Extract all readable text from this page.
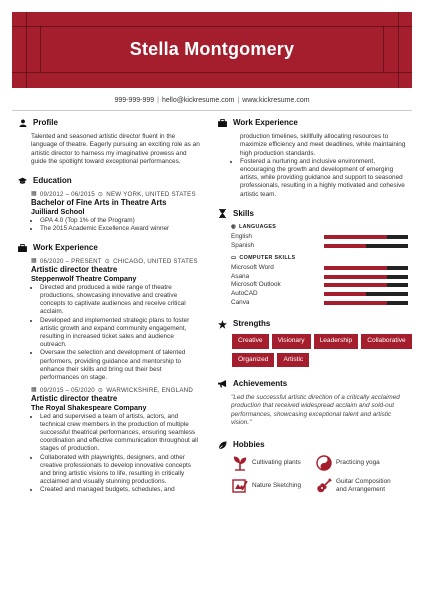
Stella Montgomery
999-999-999 | hello@kickresume.com | www.kickresume.com
Profile

Talented and seasoned artistic director fluent in the language of theatre. Eagerly pursuing an exciting role as an artistic director to harness my imaginative prowess and guide the spotlight toward exceptional performances.

Education
▦ 09/2012 – 06/2015 ⊙ NEW YORK, UNITED STATES
Bachelor of Fine Arts in Theatre Arts
Juilliard School
• GPA 4.0 (Top 1% of the Program)
• The 2015 Academic Excellence Award winner
Work Experience
▦ 06/2020 – PRESENT ⊙ CHICAGO, UNITED STATES
Artistic director theatre
Steppenwolf Theatre Company
• Directed and produced a wide range of theatre productions, showcasing innovative and creative concepts to captivate audiences and receive critical acclaim.
• Developed and implemented strategic plans to foster artistic growth and expand community engagement, resulting in increased ticket sales and audience outreach.
• Oversaw the selection and development of talented performers, providing guidance and mentorship to enhance their skills and bring out their best performances on stage.
▦ 09/2015 – 05/2020 ⊙ WARWICKSHIRE, ENGLAND
Artistic director theatre
The Royal Shakespeare Company
• Led and supervised a team of artists, actors, and technical crew members in the production of multiple successful theatrical performances, ensuring seamless coordination and effective communication throughout all stages of production.
• Collaborated with playwrights, designers, and other creative professionals to develop innovative concepts and bring artistic visions to life, resulting in critically acclaimed and visually stunning productions.
• Created and managed budgets, schedules, and
Work Experience

production timelines, skillfully allocating resources to maximize efficiency and meet deadlines, while maintaining high production standards.

• Fostered a nurturing and inclusive environment, encouraging the growth and development of emerging artists, while providing guidance and support to seasoned professionals, resulting in a highly motivated and cohesive artistic team.
Skills
◍ LANGUAGES
English
Spanish
▭ COMPUTER SKILLS
Microsoft Word
Asana
Microsoft Outlook
AutoCAD
Canva
Strengths
Creative	Visionary	Leadership	Collaborative
Organized	Artistic
Achievements

"Led the successful artistic direction of a critically acclaimed production that received widespread acclaim and sold-out performances, showcasing exceptional talent and artistic vision."

Hobbies
Cultivating plants	Practicing yoga
Nature Sketching
Guitar Composition and Arrangement
